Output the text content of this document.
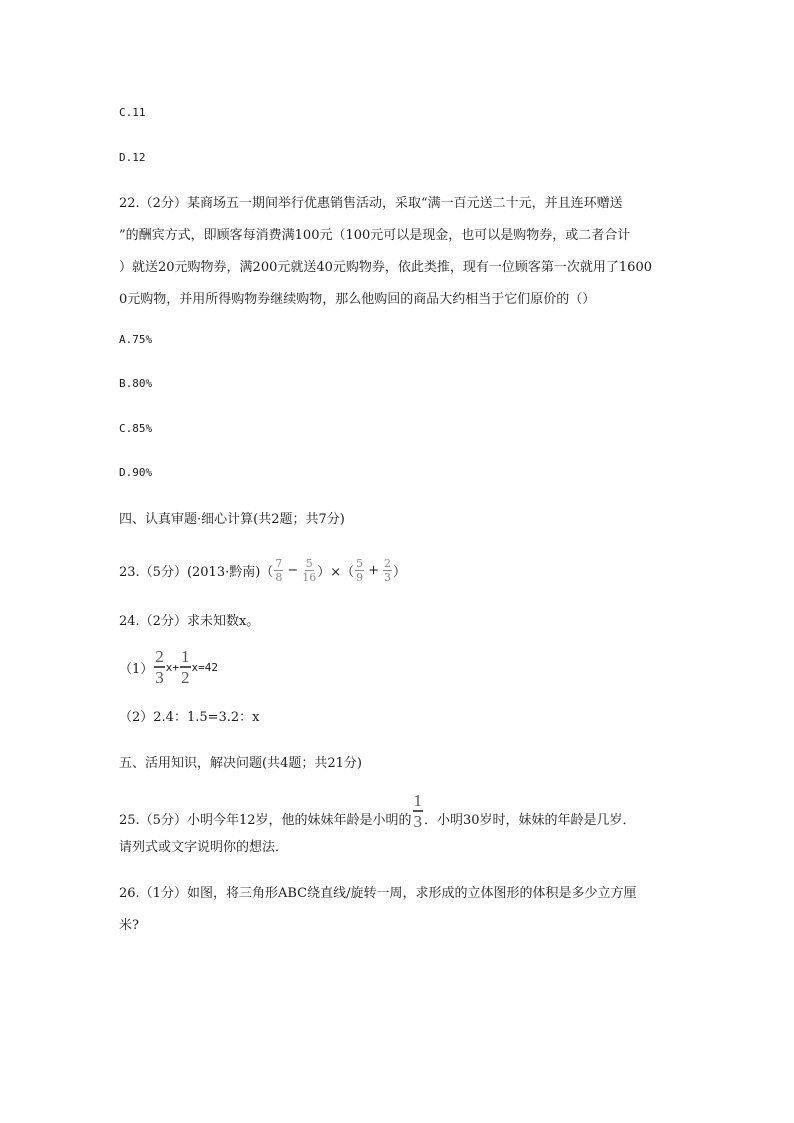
C.11
D.12
22.（2分）某商场五一期间举行优惠销售活动，采取“满一百元送二十元，并且连环赠送
”的酬宾方式，即顾客每消费满100元（100元可以是现金，也可以是购物券，或二者合计
）就送20元购物券，满200元就送40元购物券，依此类推，现有一位顾客第一次就用了1600
0元购物，并用所得购物券继续购物，那么他购回的商品大约相当于它们原价的（）
A.75%
B.80%
C.85%
D.90%
四、认真审题·细心计算(共2题；共7分)
23.（5分）(2013·黔南)（ $\frac{7}{8} - \frac{5}{16}$ ）×（ $\frac{5}{9} + \frac{2}{3}$ ）
24.（2分）求未知数x。
$(1) \frac{2}{3} x+ \frac{1}{2} x=42$
（2）2.4：1.5=3.2：x
五、活用知识，解决问题(共4题；共21分)
25.（5分）小明今年12岁，他的妹妹年龄是小明的 $\frac{1}{3}$ ．小明30岁时，妹妹的年龄是几岁．
请列式或文字说明你的想法．
26.（1分）如图，将三角形ABC绕直线/旋转一周，求形成的立体图形的体积是多少立方厘
米?
